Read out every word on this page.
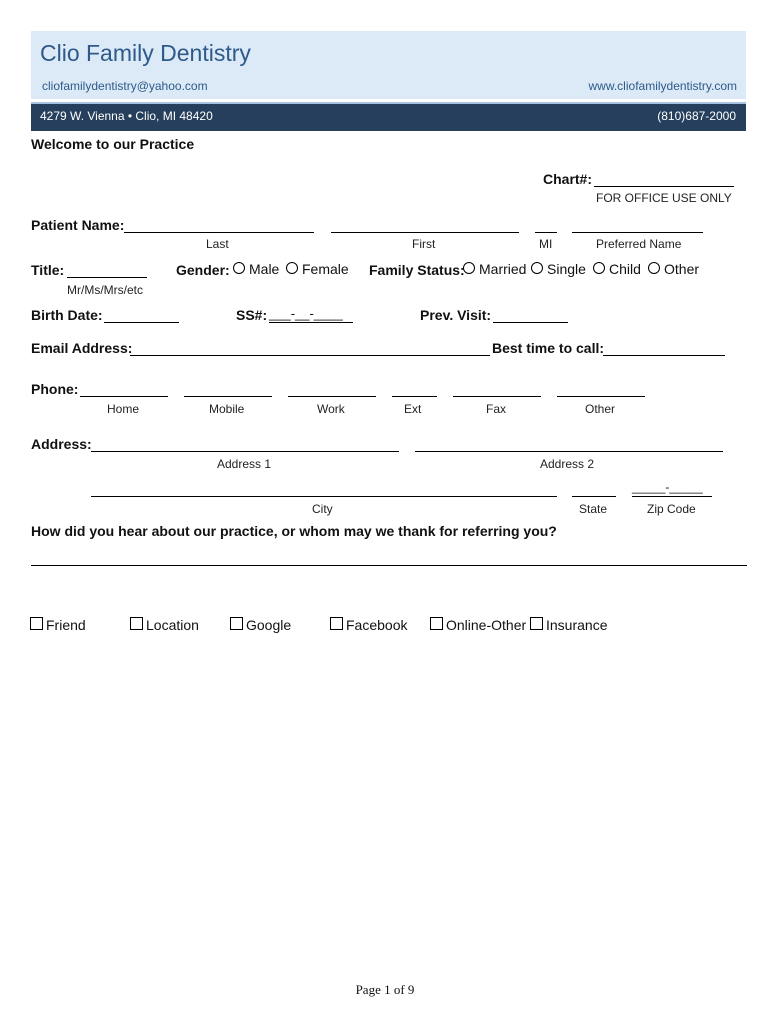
Clio Family Dentistry
cliofamilydentistry@yahoo.com	www.cliofamilydentistry.com
4279 W. Vienna • Clio, MI 48420	(810)687-2000
Welcome to our Practice
Chart#:
FOR OFFICE USE ONLY
Patient Name:
Last	First	MI	Preferred Name
Title:
Mr/Ms/Mrs/etc
Gender:	Male	Female Family Status:	Married	Single	Child	Other
Birth Date:	SS#: ___-__-____	Prev. Visit:
Email Address:	Best time to call:
Phone:
Home	Mobile	Work	Ext	Fax	Other
Address:
Address 1	Address 2
_____-_____
City	State	Zip Code
How did you hear about our practice, or whom may we thank for referring you?
Friend	Location	Google	Facebook	Online-Other	Insurance
Page 1 of 9
